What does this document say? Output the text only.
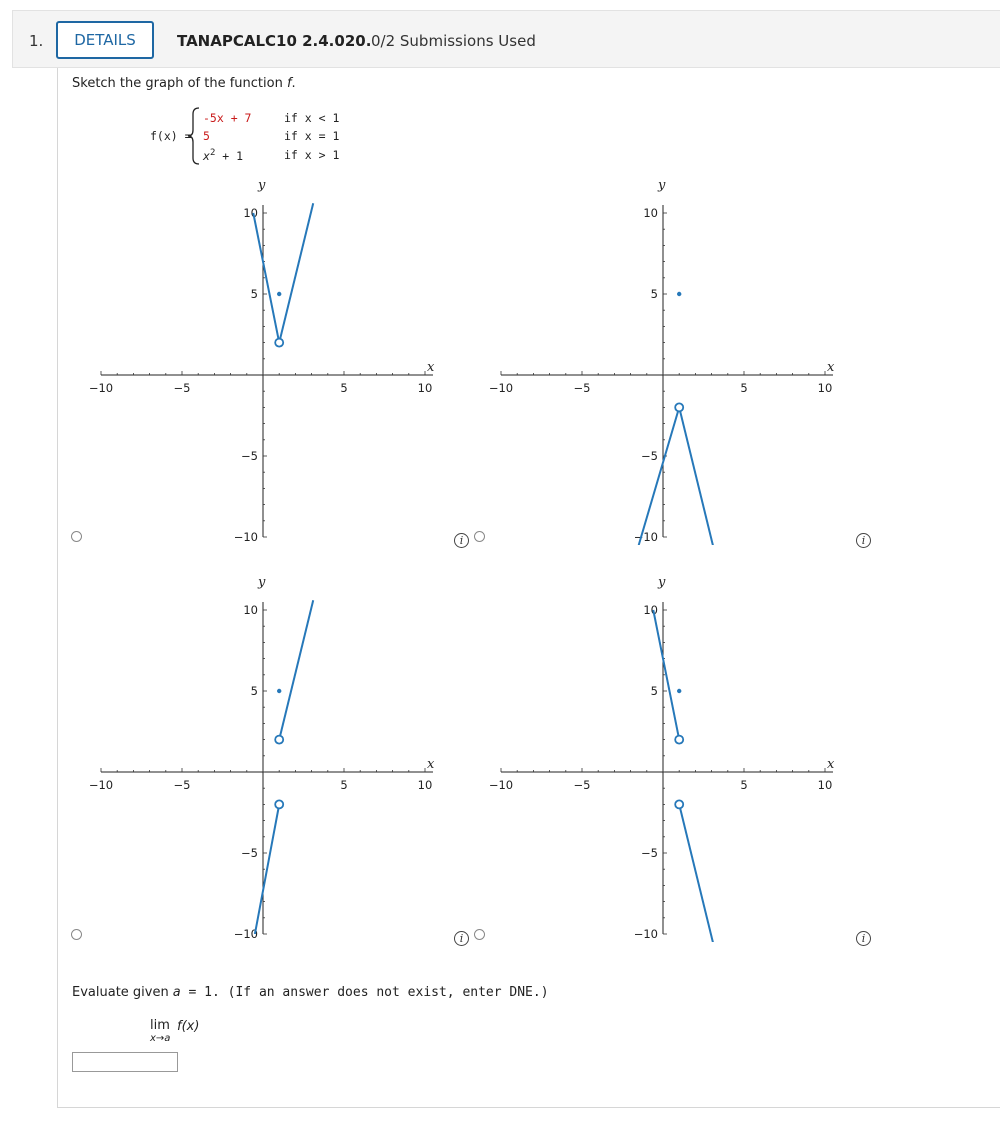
1.	DETAILS	TANAPCALC10 2.4.020. 0/2 Submissions Used
Sketch the graph of the function f.
f(x) =
-5x + 7	if x < 1
5	if x = 1
$x^2 + 1$	if x > 1
x
y
−10	−5	5	10
10
5
−5
−10
x
y
−10	−5	5	10
10
5
−5
−10
x
y
−10	−5	5	10
10
5
−5
−10
x
y
−10	−5	5	10
10
5
−5
−10
i	i
i	i
Evaluate given a = 1. (If an answer does not exist, enter DNE.)
lim
x→a
f(x)
